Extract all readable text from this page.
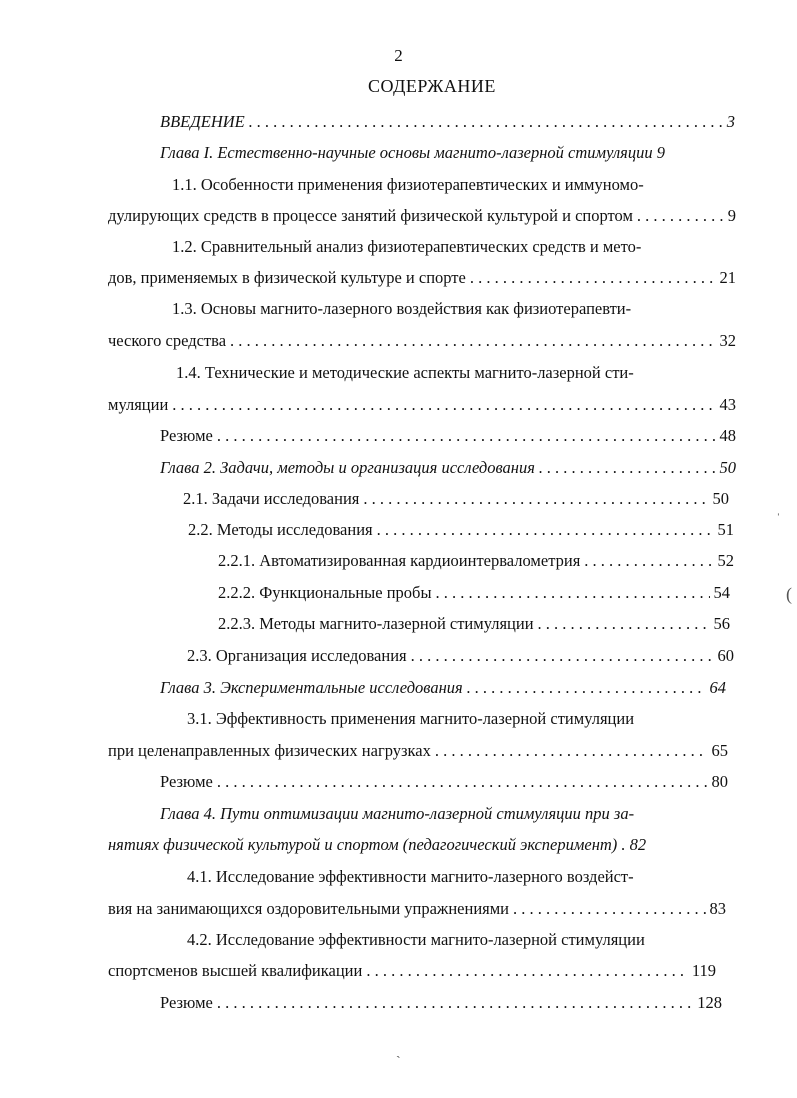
2
СОДЕРЖАНИЕ
ВВЕДЕНИЕ . . .	3
Глава I. Естественно-научные основы магнито-лазерной стимуляции 9
1.1. Особенности применения физиотерапевтических и иммуномо-
дулирующих средств в процессе занятий физической культурой и спортом . . .	9
1.2. Сравнительный анализ физиотерапевтических средств и мето-
дов, применяемых в физической культуре и спорте . . .	21
1.3. Основы магнито-лазерного воздействия как физиотерапевти-
ческого средства . . .	32
1.4. Технические и методические аспекты магнито-лазерной сти-
муляции . . .	43
Резюме . . .	48
Глава 2. Задачи, методы и организация исследования . . .	50
2.1. Задачи исследования . . .	50
2.2. Методы исследования . . .	51
2.2.1. Автоматизированная кардиоинтервалометрия . . .	52
2.2.2. Функциональные пробы . . .	54
2.2.3. Методы магнито-лазерной стимуляции . . .	56
2.3. Организация исследования . . .	60
Глава 3. Экспериментальные исследования . . .	64
3.1. Эффективность применения магнито-лазерной стимуляции
при целенаправленных физических нагрузках . . .	65
Резюме . . .	80
Глава 4. Пути оптимизации магнито-лазерной стимуляции при за-
нятиях физической культурой и спортом (педагогический эксперимент) . 82
4.1. Исследование эффективности магнито-лазерного воздейст-
вия на занимающихся оздоровительными упражнениями . . .	83
4.2. Исследование эффективности магнито-лазерной стимуляции
спортсменов высшей квалификации . . .	119
Резюме . . .	128
ˈ
(
ˎ
